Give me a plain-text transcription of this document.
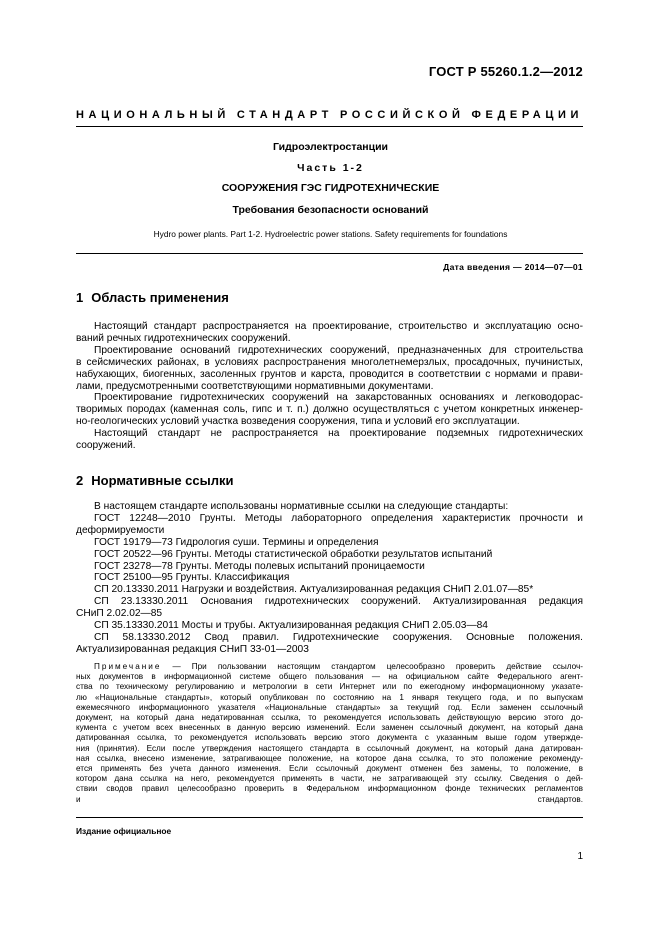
ГОСТ Р 55260.1.2—2012
НАЦИОНАЛЬНЫЙ СТАНДАРТ РОССИЙСКОЙ ФЕДЕРАЦИИ
Гидроэлектростанции
Часть 1-2
СООРУЖЕНИЯ ГЭС ГИДРОТЕХНИЧЕСКИЕ
Требования безопасности оснований
Hydro power plants. Part 1-2. Hydroelectric power stations. Safety requirements for foundations
Дата введения — 2014—07—01
1 Область применения
Настоящий стандарт распространяется на проектирование, строительство и эксплуатацию осно-
ваний речных гидротехнических сооружений.
Проектирование оснований гидротехнических сооружений, предназначенных для строительства
в сейсмических районах, в условиях распространения многолетнемерзлых, просадочных, пучинистых,
набухающих, биогенных, засоленных грунтов и карста, проводится в соответствии с нормами и прави-
лами, предусмотренными соответствующими нормативными документами.
Проектирование гидротехнических сооружений на закарстованных основаниях и легководорас-
творимых породах (каменная соль, гипс и т. п.) должно осуществляться с учетом конкретных инженер-
но-геологических условий участка возведения сооружения, типа и условий его эксплуатации.
Настоящий стандарт не распространяется на проектирование подземных гидротехнических
сооружений.
2 Нормативные ссылки
В настоящем стандарте использованы нормативные ссылки на следующие стандарты:
ГОСТ 12248—2010 Грунты. Методы лабораторного определения характеристик прочности и
деформируемости
ГОСТ 19179—73 Гидрология суши. Термины и определения
ГОСТ 20522—96 Грунты. Методы статистической обработки результатов испытаний
ГОСТ 23278—78 Грунты. Методы полевых испытаний проницаемости
ГОСТ 25100—95 Грунты. Классификация
СП 20.13330.2011 Нагрузки и воздействия. Актуализированная редакция СНиП 2.01.07—85*
СП 23.13330.2011 Основания гидротехнических сооружений. Актуализированная редакция
СНиП 2.02.02—85
СП 35.13330.2011 Мосты и трубы. Актуализированная редакция СНиП 2.05.03—84
СП 58.13330.2012 Свод правил. Гидротехнические сооружения. Основные положения.
Актуализированная редакция СНиП 33-01—2003
Примечание — При пользовании настоящим стандартом целесообразно проверить действие ссылоч-
ных документов в информационной системе общего пользования — на официальном сайте Федерального агент-
ства по техническому регулированию и метрологии в сети Интернет или по ежегодному информационному указате-
лю «Национальные стандарты», который опубликован по состоянию на 1 января текущего года, и по выпускам
ежемесячного информационного указателя «Национальные стандарты» за текущий год. Если заменен ссылочный
документ, на который дана недатированная ссылка, то рекомендуется использовать действующую версию этого до-
кумента с учетом всех внесенных в данную версию изменений. Если заменен ссылочный документ, на который дана
датированная ссылка, то рекомендуется использовать версию этого документа с указанным выше годом утвержде-
ния (принятия). Если после утверждения настоящего стандарта в ссылочный документ, на который дана датирован-
ная ссылка, внесено изменение, затрагивающее положение, на которое дана ссылка, то это положение рекоменду-
ется применять без учета данного изменения. Если ссылочный документ отменен без замены, то положение, в
котором дана ссылка на него, рекомендуется применять в части, не затрагивающей эту ссылку. Сведения о дей-
ствии сводов правил целесообразно проверить в Федеральном информационном фонде технических регламентов
и стандартов.
Издание официальное
1
